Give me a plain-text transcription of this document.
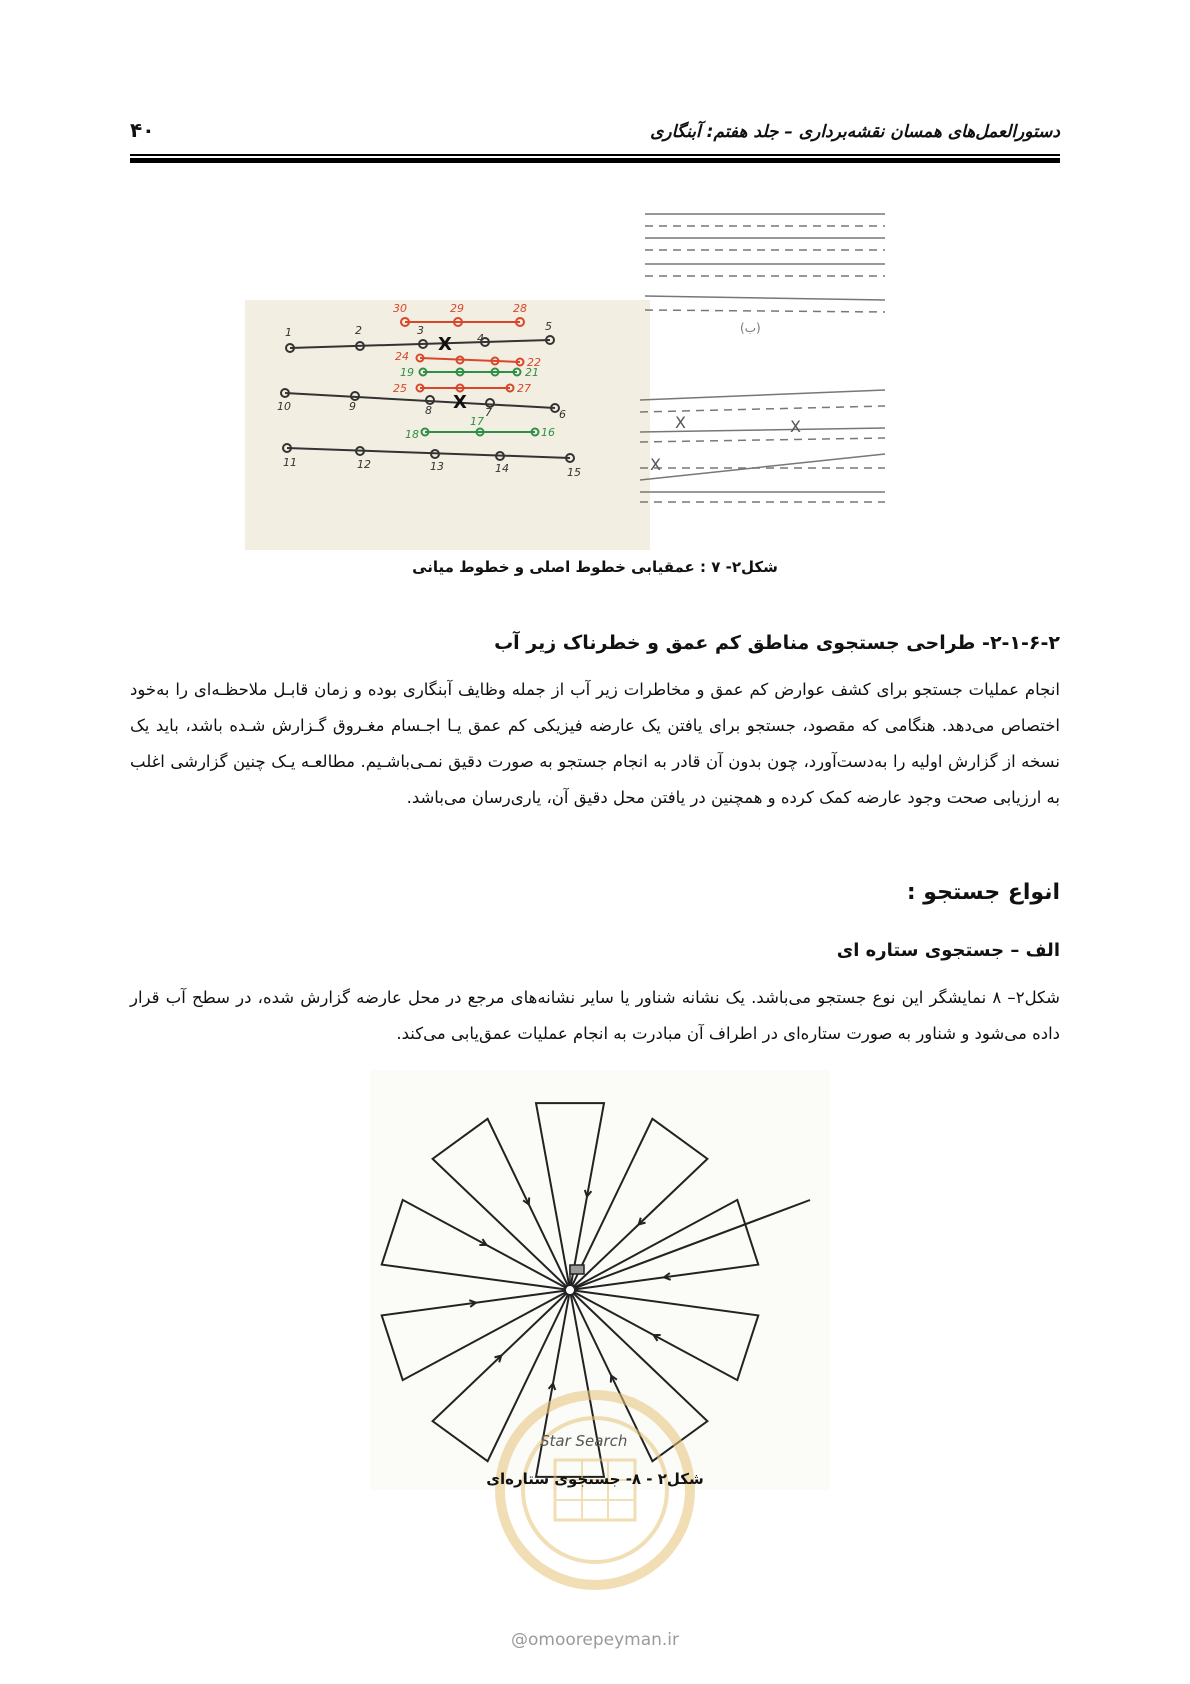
۴۰	دستورالعمل‌های همسان نقشه‌برداری – جلد هفتم: آبنگاری
X
X
30	29	28
24	22
25	27
19	21
18
17
16
1	2	3
4
5
10	9	8	7	6
11	12	13	14	15
(ب)
X	X
X
شکل۲- ۷ : عمقیابی خطوط اصلی و خطوط میانی
۲-۱-۶-۲- طراحی جستجوی مناطق کم عمق و خطرناک زیر آب
انجام عملیات جستجو برای کشف عوارض کم عمق و مخاطرات زیر آب از جمله وظایف آبنگاری بوده و زمان قابـل ملاحظـه‌ای را به‌خود اختصاص می‌دهد. هنگامی که مقصود، جستجو برای یافتن یک عارضه فیزیکی کم عمق یـا اجـسام مغـروق گـزارش شـده باشد، باید یک نسخه از گزارش اولیه را به‌دست‌آورد، چون بدون آن قادر به انجام جستجو به صورت دقیق نمـی‌باشـیم. مطالعـه یـک چنین گزارشی اغلب به ارزیابی صحت وجود عارضه کمک کرده و همچنین در یافتن محل دقیق آن، یاری‌رسان می‌باشد.
انواع جستجو :
الف – جستجوی ستاره ای
شکل۲– ۸ نمایشگر این نوع جستجو می‌باشد. یک نشانه شناور یا سایر نشانه‌های مرجع در محل عارضه گزارش شده، در سطح آب قرار داده می‌شود و شناور به صورت ستاره‌ای در اطراف آن مبادرت به انجام عملیات عمق‌یابی می‌کند.
Star Search
شکل۲ - ۸- جستجوی ستاره‌ای
@omoorepeyman.ir
